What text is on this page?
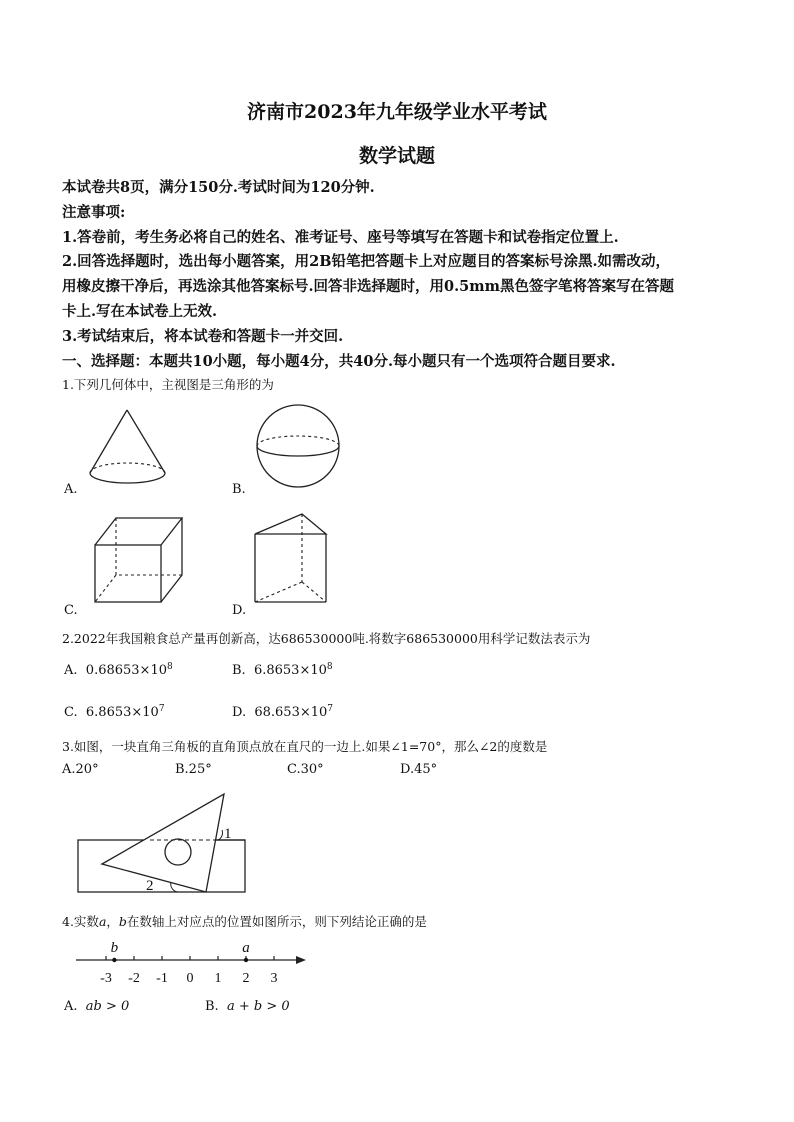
济南市2023年九年级学业水平考试
数学试题
本试卷共8页，满分150分.考试时间为120分钟.
注意事项:
1.答卷前，考生务必将自己的姓名、准考证号、座号等填写在答题卡和试卷指定位置上.
2.回答选择题时，选出每小题答案，用2B铅笔把答题卡上对应题目的答案标号涂黑.如需改动，
用橡皮擦干净后，再选涂其他答案标号.回答非选择题时，用0.5mm黑色签字笔将答案写在答题
卡上.写在本试卷上无效.
3.考试结束后，将本试卷和答题卡一并交回.
一、选择题：本题共10小题，每小题4分，共40分.每小题只有一个选项符合题目要求.
1.下列几何体中，主视图是三角形的为
A.	B.
C.	D.
2.2022年我国粮食总产量再创新高，达686530000吨.将数字686530000用科学记数法表示为
A. $0.68653\times 10^8$	B. $6.8653\times 10^8$
C. $6.8653\times 10^7$	D. $68.653\times 10^7$
3.如图，一块直角三角板的直角顶点放在直尺的一边上.如果∠1=70°，那么∠2的度数是
A.20°	B.25°	C.30°	D.45°
1
2
4.实数a，b在数轴上对应点的位置如图所示，则下列结论正确的是
-3 -2 -1 0 1 2 3
b	a
A. ab > 0	B. a + b > 0
